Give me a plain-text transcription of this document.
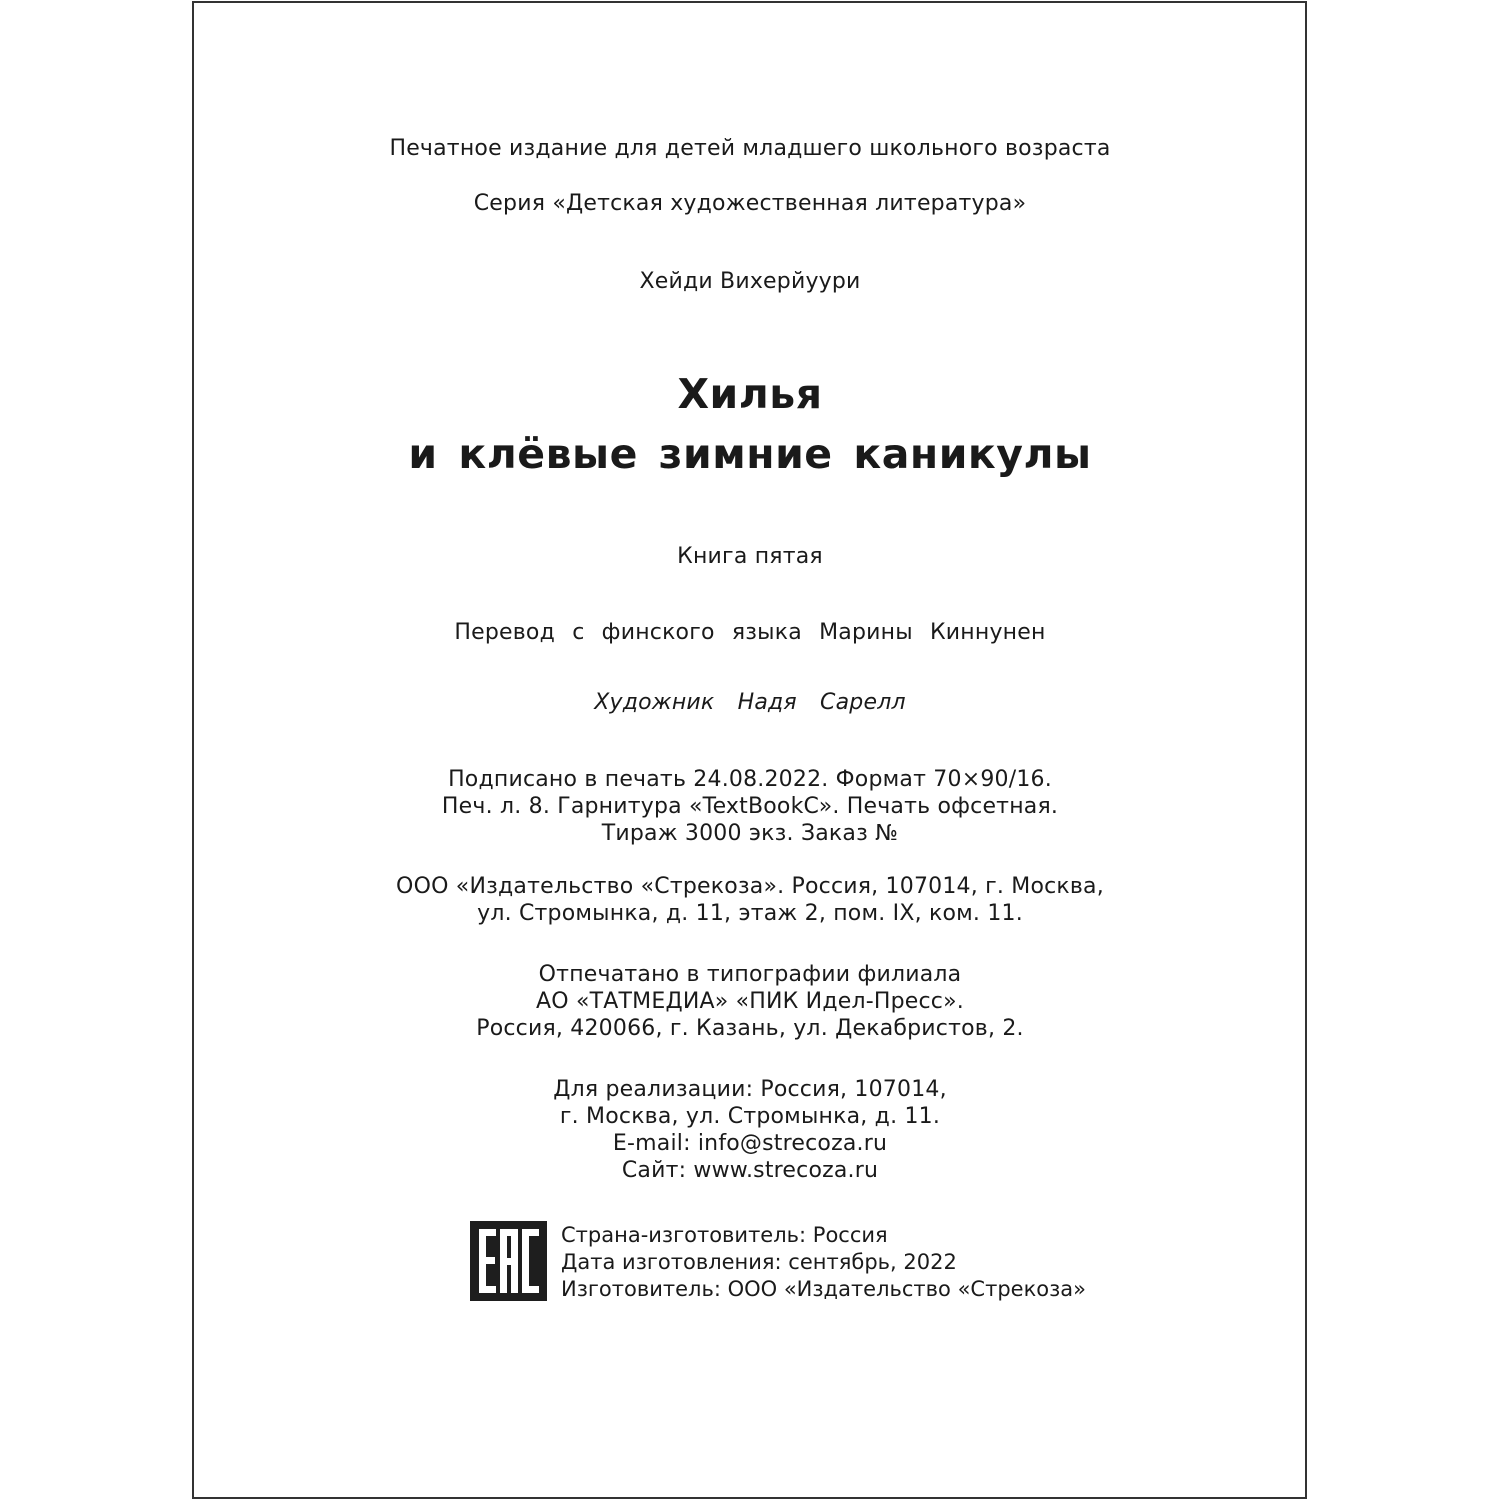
Печатное издание для детей младшего школьного возраста
Серия «Детская художественная литература»
Хейди Вихерйуури
Хилья
и клёвые зимние каникулы
Книга пятая
Перевод с финского языка Марины Киннунен
Художник Надя Сарелл
Подписано в печать 24.08.2022. Формат 70×90/16.
Печ. л. 8. Гарнитура «TextBookC». Печать офсетная.
Тираж 3000 экз. Заказ №
ООО «Издательство «Стрекоза». Россия, 107014, г. Москва,
ул. Стромынка, д. 11, этаж 2, пом. IX, ком. 11.
Отпечатано в типографии филиала
АО «ТАТМЕДИА» «ПИК Идел-Пресс».
Россия, 420066, г. Казань, ул. Декабристов, 2.
Для реализации: Россия, 107014,
г. Москва, ул. Стромынка, д. 11.
E-mail: info@strecoza.ru
Сайт: www.strecoza.ru
Страна-изготовитель: Россия
Дата изготовления: сентябрь, 2022
Изготовитель: ООО «Издательство «Стрекоза»
